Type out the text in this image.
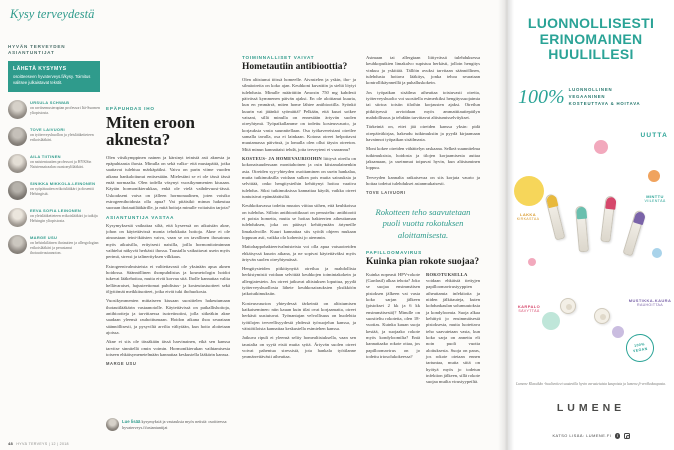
Kysy terveydestä
HYVÄN TERVEYDEN
ASIANTUNTIJAT
LÄHETÄ KYSYMYS
osoitteeseen hyvaterveys.fi/kysy. Toimitus valitsee julkaistavat tekstit.
URSULA SCHWAB
on ravitsemusterapian professori Itä-Suomen yliopistosta.
TOVE LAIVUORI
on työterveyshuollon ja yleislääketieteen erikoislääkäri.
AILA TIITINEN
on naistentautien professori ja HYKSin Naistensairaalan osastonylilääkäri.
SINIKKA MIKKOLA-LEINONEN
on syöpätautien erikoislääkäri ja dosentti Helsingistä.
EEVA SOFIA LEINONEN
on yleislääketieteen erikoislääkäri ja tutkija Helsingin yliopistosta.
MARGE USU
on helsinkiläinen ihotautien ja allergologian erikoislääkäri ja perustanut ihotautivastaanoton.
EPÄPUHDAS IHO
Miten eroon aknesta?

Olen viisikymppinen nainen ja kärsinyt teinistä asti aknesta ja epäpuhtaasta ihosta. Minulla on sekä valko- että mustapäitä, jotka saattavat tulehtua märkäpäiksi. Vaiva on parin viime vuoden aikana hankaloitunut entisestään. Mielestäni se ei ole tässä iässä enää normaalia. Olen todella väsynyt vuosikymmenien kiusaan. Käytän hormonikierukkaa, enkä ole vielä vaihdevuosi-iässä. Uskoakseni vaiva on jälleen hormonaalinen, joten voisiko estrogeenihoidosta olla apua? Vai pitäisikö minun hakeutua suoraan ihotautilääkärille, ja mitä hoitoja minulle voitaisiin tarjota?

ASIANTUNTIJA VASTAA

Kysymyksestä vaikuttaa siltä, että kyseessä on aikuisiän akne, johon on käytettävissä monia tehokkaita hoitoja. Akne ei ole ainoastaan teini-ikäisten vaiva, vaan se on tavallinen ihosairaus myös aikuisilla, erityisesti naisilla, joilla hormonitoiminnan vaihtelut näkyvät herkästi ihossa. Taustalla vaikuttavat usein myös perimä, stressi ja talinerityksen vilkkaus.

Estrogeenivalmisteista ei valitettavasti ole yksinään apua aknen hoidossa. Säännöllinen ihonpuhdistus ja kosmetologin hoidot tukevat lääkehoitoa, mutta eivät korvaa sitä. Iholle kannattaa valita hellävaraiset, hajusteettomat puhdistus- ja kosteutustuotteet sekä öljyttömät meikkituotteet, jotka eivät tuki ihohuokosia.

Vuosikymmenien mittaiseen kiusaan suosittelen hakeutumaan ihotautilääkärin vastaanotolle. Käytettävissä on paikallishoitoja, antibiootteja ja tarvittaessa isotretinoiini, jolla sitkeäkin akne saadaan yleensä rauhoittumaan. Hoidon aikana ihoa seurataan säännöllisesti, ja pysyviltä arvilta vältytään, kun hoito aloitetaan ajoissa.

Akne ei siis ole tässäkään iässä harvinainen, eikä sen kanssa tarvitse sinnitellä omin voimin. Hormonikierukan vaihtamisesta toiseen ehkäisymenetelmään kannattaa keskustella lääkärin kanssa.

MARGE USU
TOIMINNALLISET VAIVAT
Hometautiin antibioottia?

Olen altistunut töissä homeelle. Aivastelen ja yskin, iho- ja silmäoireita on koko ajan. Keuhkoni kuvattiin ja sieltä löytyi tulehdusta. Minulle määrättiin Amoxin 750 mg kahdesti päivässä kymmenen päivän ajaksi. En ole aloittanut kuuria, kun en ymmärrä, miten home lähtee antibiootilla. Syönkö kuurin vai jätänkö syömättä? Pelkään, että kuuri sotkee vatsani, sillä minulla on ennestään ärtyvän suolen oireyhtymä. Työpaikallamme on todettu kosteusvaurio, ja korjauksia vasta suunnitellaan. Osa työkavereistani oireilee samalla tavalla, osa ei lainkaan. Kotona oireet helpottavat muutamassa päivässä, ja lomalla olen ollut täysin oireeton. Mitä minun kannattaisi tehdä, jotta terveyteni ei vaarannu?

KOSTEUS- JA HOMEVAURIOIHIN liittyvä oireilu on kokonaisuudessaan monitahoinen ja osin kiistanalainenkin asia. Oireiden syy-yhteyden osoittaminen on usein hankalaa, mutta tutkimuksilla voidaan sulkea pois muita sairauksia ja selvittää, onko hengitysteihin kehittynyt hoitoa vaativa tulehdus. Siksi tutkimuksissa kannattaa käydä, vaikka oireet tuntuisivat epämääräisiltä.

Keuhkokuvassa todettu muutos viittaa siihen, että keuhkoissa on tulehdus. Silloin antibioottikuuri on perusteltu: antibiootti ei poista hometta, mutta se hoitaa bakteerien aiheuttaman tulehduksen, joka on päässyt kehittymään ärtyneille limakalvoille. Kuuri kannattaa siis syödä ohjeen mukaan loppuun asti, vaikka olo kohenisi jo aiemmin.

Maitohappobakteerivalmisteista voi olla apua vatsaoireiden ehkäisyssä kuurin aikana, ja ne sopivat käytettäväksi myös ärtyvän suolen oireyhtymässä.

Hengitysteiden pitkittynyttä oireilua ja mahdollista herkistymistä voidaan selvittää keuhkojen toimintakokein ja allergiatestein. Jos oireet jatkuvat altistuksen loputtua, pyydä työterveyshuollosta lähete keuhkosairauksien yksikköön jatkotutkimuksiin.

Kosteusvaurion yhteydessä tärkeintä on altistumisen katkaiseminen: niin kauan kuin tilat ovat korjaamatta, oireet herkästi uusiutuvat. Työnantajan velvollisuus on huolehtia työtilojen terveellisyydestä yhdessä työsuojelun kanssa, ja väistötiloista kannattaa keskustella esimiehen kanssa.

Jatkuva ripuli ei yleensä selity homealtistuksella, vaan sen taustalta on syytä etsiä muita syitä. Ärtyvän suolen oireet voivat pahentua stressistä, jota hankala työtilanne ymmärrettävästi aiheuttaa.

Astmaan tai allergiaan liittyvässä tulehduksessa keuhkoputkien limakalvo supistuu herkästi, jolloin hengitys vinkuu ja yskittää. Tällöin avuksi tarvitaan säännöllinen, tulehdusta hoitava lääkitys, jonka tehoa seurataan kontrollikäynneillä ja puhalluskokein.

Jos työpaikan sisäilma aiheuttaa toistuvasti oireita, työterveyshuolto voi suositella esimerkiksi hengityssuojaimia tai siirtoa toisiin tiloihin korjausten ajaksi. Oireilun pitkittyessä arvioidaan myös ammattitautiepäilyn mahdollisuus ja tehdään tarvittavat altistumisselvitykset.

Tärkeintä on, ettet jää oireiden kanssa yksin: pidä oirepäiväkirjaa, hakeudu tutkimuksiin ja pyydä kirjaamaan havainnot työpaikan sisäilmasta.

Moni kokee oireiden vähättelyn raskaana. Selkeä suunnitelma tutkimuksista, hoidosta ja tilojen korjaamisesta auttaa jaksamaan, ja useimmat toipuvat hyvin, kun altistuminen loppuu.

Terveyden kannalta ratkaisevaa on siis korjata vaurio ja hoitaa todetut tulehdukset asianmukaisesti.

TOVE LAIVUORI
Rokotteen teho saavutetaan puoli vuotta rokotuksen aloittamisesta.
PAPILLOOMAVIRUS
Kuinka pian rokote suojaa?

Kuinka nopeasti HPV-rokote (Gardasil) alkaa tehota? Joko se suojaa ensimmäisen pistoksen jälkeen vai vasta koko sarjan jälkeen (pistokset 2 kk ja 6 kk ensimmäisestä)? Minulle on suositeltu rokotetta, olen 18-vuotias. Kuinka kauan suoja kestää, ja suojaako rokote myös kondyloomilta? Entä kannattaako rokote ottaa, jos papilloomavirus on jo todettu irtosolukokeessa?

ROKOTUKSELLA voidaan ehkäistä tiettyjen papilloomavirustyyppien aiheuttamia infektioita ja niiden jälkitauteja, kuten kohdunkaulan solumuutoksia ja kondyloomia. Suoja alkaa kehittyä jo ensimmäisestä pistoksesta, mutta luotettava teho saavutetaan vasta, kun koko sarja on annettu eli noin puoli vuotta aloituksesta. Suoja on paras, jos rokote otetaan ennen tartuntaa, mutta siitä on hyötyä myös jo todetun infektion jälkeen, sillä rokote suojaa muilta virustyypeiltä.

Lue lisää kysymyksiä ja vastauksia myös netistä: osoitteessa hyvaterveys.fi/asiantuntijat
48 HYVÄ TERVEYS | 12 | 2018
LUONNOLLISESTI ERINOMAINEN HUULILLESI
100% LUONNOLLINEN
VEGAANINEN
KOSTEUTTAVA & HOITAVA
UUTTA
LAKKA
KIRKASTAA
MINTTU
VIILENTÄÄ
KARPALO
SÄVYTTÄÄ
MUSTIKKA-KAURA
RAUHOITTAA
100%
VEGAN
Lumene Klassikko -huulivoiteet saatavilla hyvin varustetuista kaupoista ja lumene.fi-verkkokaupasta.
LUMENE
KATSO LISÄÄ: LUMENE.FI f
